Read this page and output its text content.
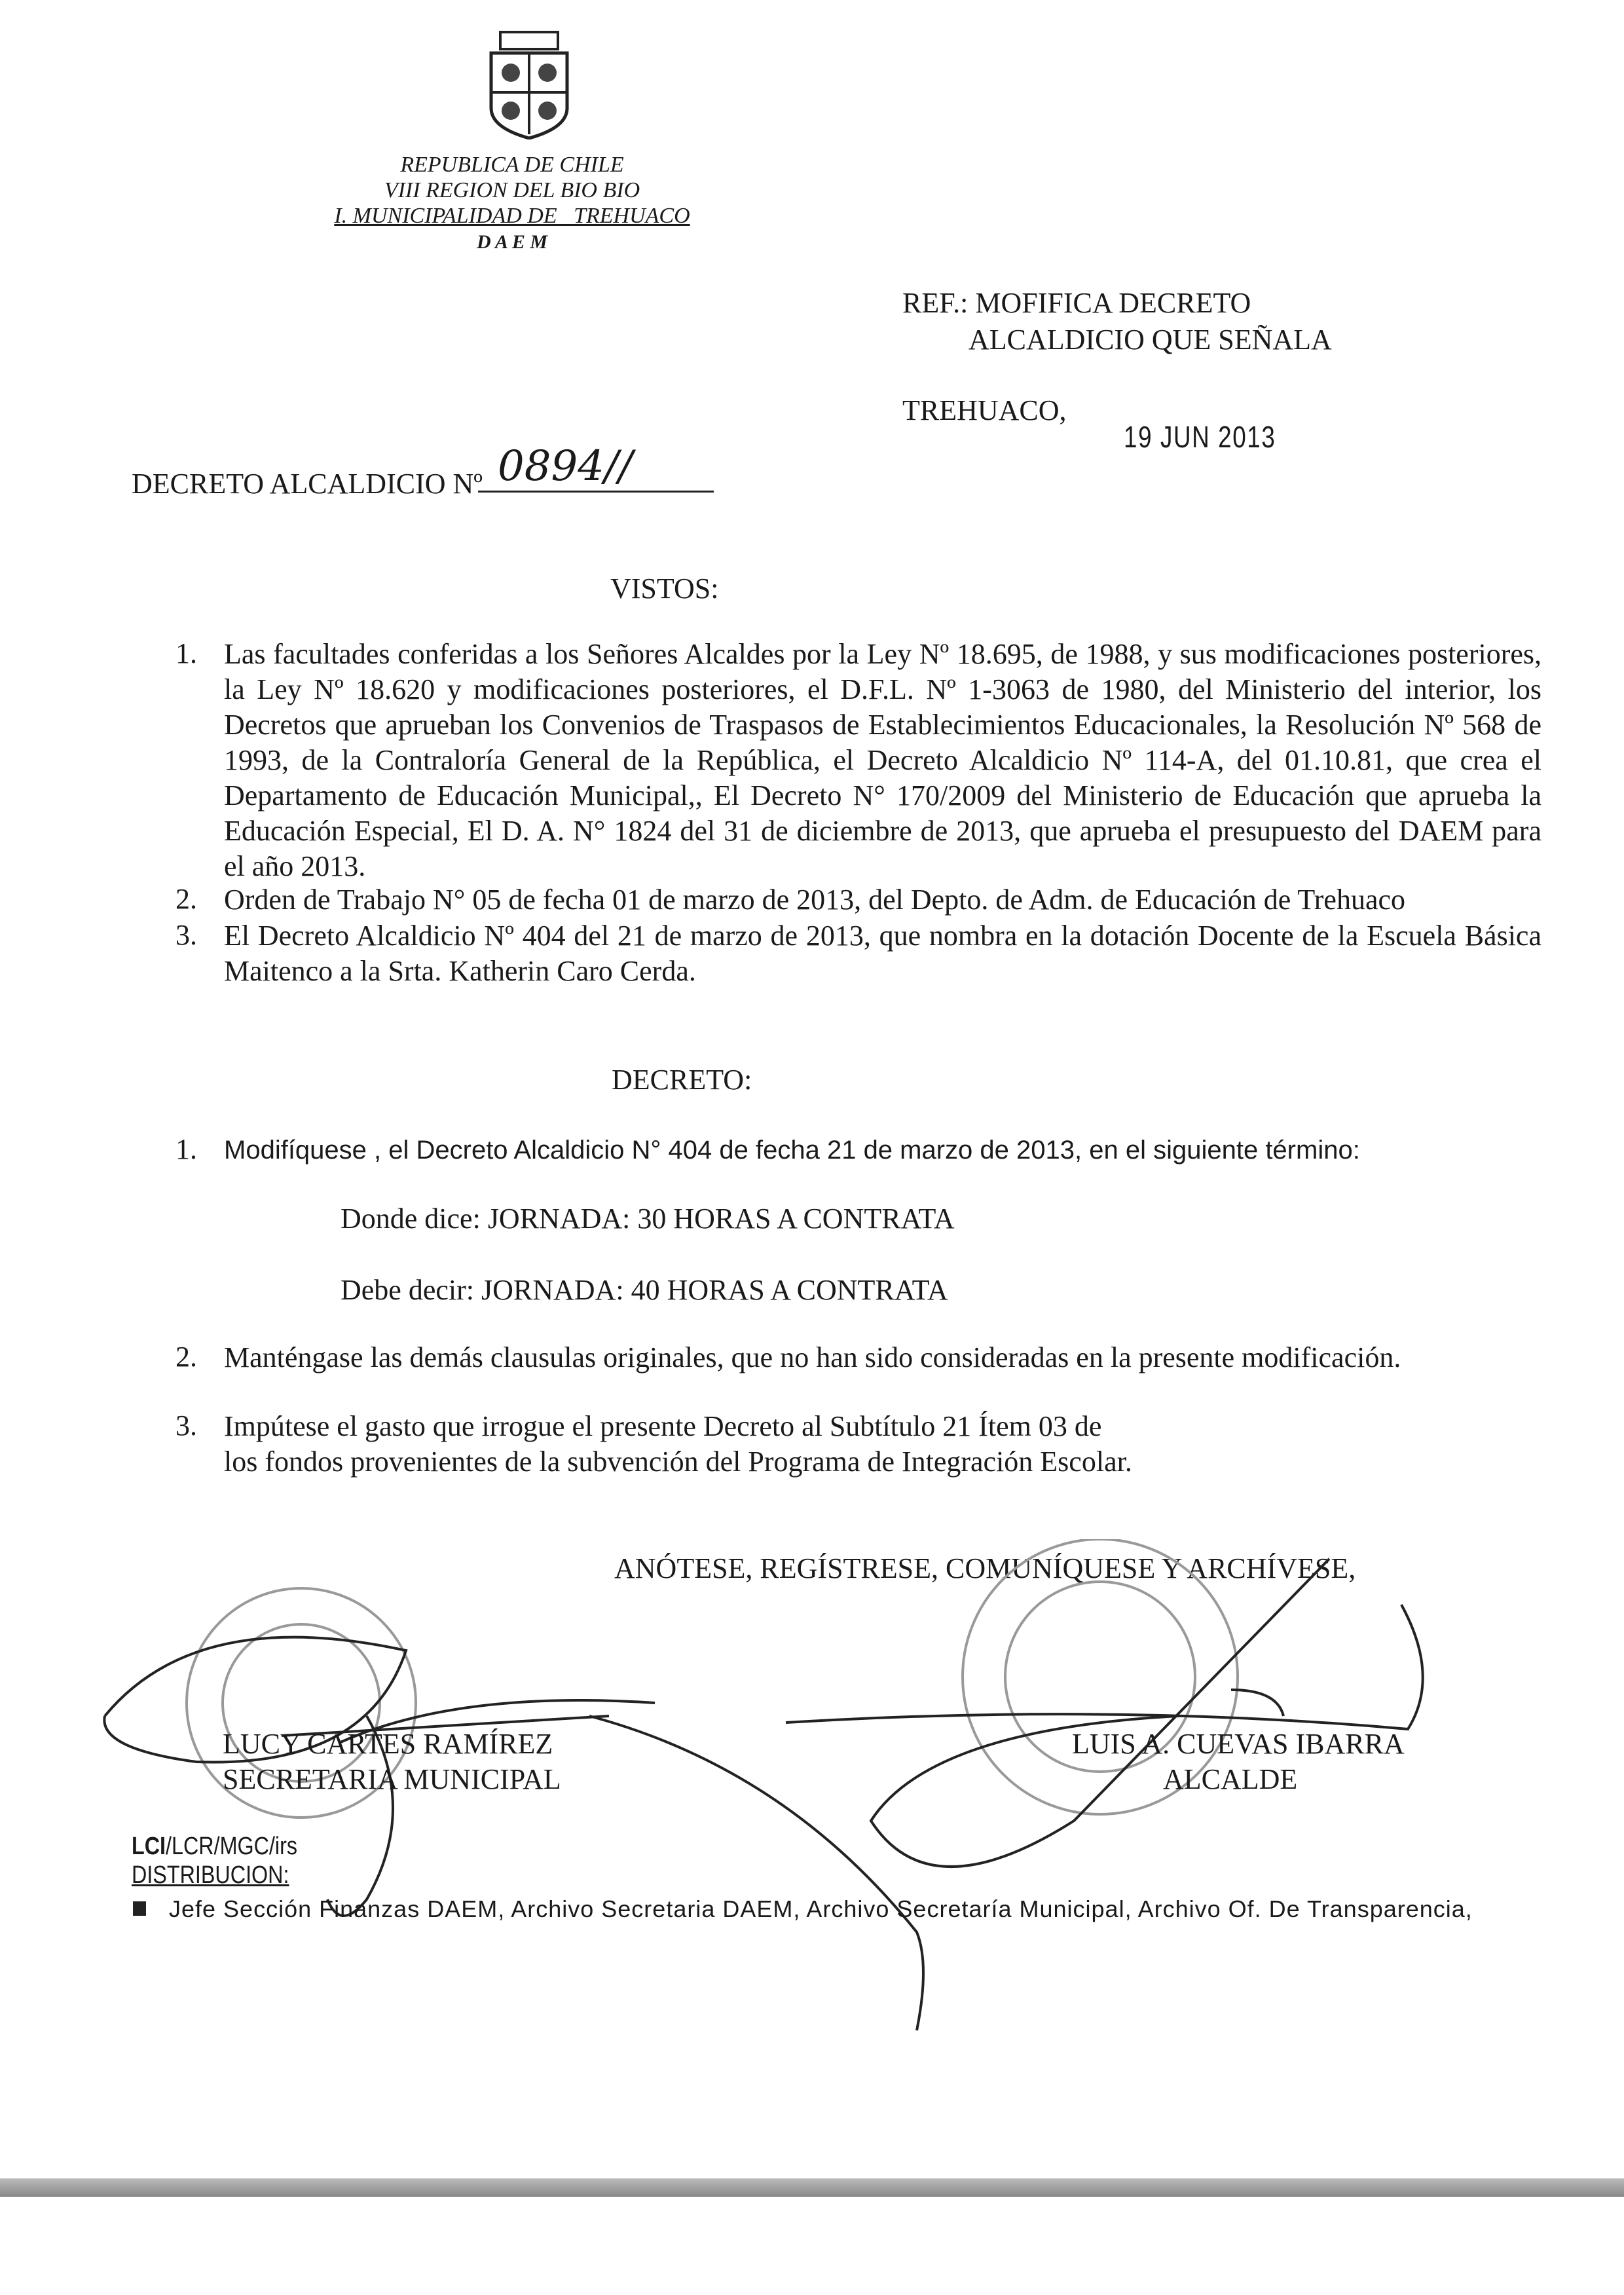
REPUBLICA DE CHILE
VIII REGION DEL BIO BIO
I. MUNICIPALIDAD DE   TREHUACO
D A E M
REF.: MOFIFICA DECRETO
ALCALDICIO QUE SEÑALA
TREHUACO,
19 JUN 2013
DECRETO ALCALDICIO Nº 0894//
VISTOS:
1. Las facultades conferidas a los Señores Alcaldes por la Ley Nº 18.695, de 1988, y sus modificaciones posteriores, la Ley Nº 18.620 y modificaciones posteriores, el D.F.L. Nº 1-3063 de 1980, del Ministerio del interior, los Decretos que aprueban los Convenios de Traspasos de Establecimientos Educacionales, la Resolución Nº 568 de 1993, de la Contraloría General de la República, el Decreto Alcaldicio Nº 114-A, del 01.10.81, que crea el Departamento de Educación Municipal,, El Decreto N° 170/2009 del Ministerio de Educación que aprueba la Educación Especial, El D. A. N° 1824 del 31 de diciembre de 2013, que aprueba el presupuesto del DAEM para el año 2013.
2. Orden de Trabajo N° 05 de fecha 01 de marzo de 2013, del Depto. de Adm. de Educación de Trehuaco
3. El Decreto Alcaldicio Nº 404 del 21 de marzo de 2013, que nombra en la dotación Docente de la Escuela Básica Maitenco a la Srta. Katherin Caro Cerda.
DECRETO:
1. Modifíquese , el Decreto Alcaldicio N° 404 de fecha 21 de marzo de 2013, en el siguiente término:
Donde dice: JORNADA: 30 HORAS A CONTRATA
Debe decir: JORNADA: 40 HORAS A CONTRATA
2. Manténgase las demás clausulas originales, que no han sido consideradas en la presente modificación.
3. Impútese el gasto que irrogue el presente Decreto al Subtítulo 21 Ítem 03 de los fondos provenientes de la subvención del Programa de Integración Escolar.
ANÓTESE, REGÍSTRESE, COMUNÍQUESE Y ARCHÍVESE,
LUCY CARTES RAMÍREZ
SECRETARIA MUNICIPAL
LUIS A. CUEVAS IBARRA
ALCALDE
LCI/LCR/MGC/irs
DISTRIBUCION:
Jefe Sección Finanzas DAEM, Archivo Secretaria DAEM, Archivo Secretaría Municipal, Archivo Of. De Transparencia,
